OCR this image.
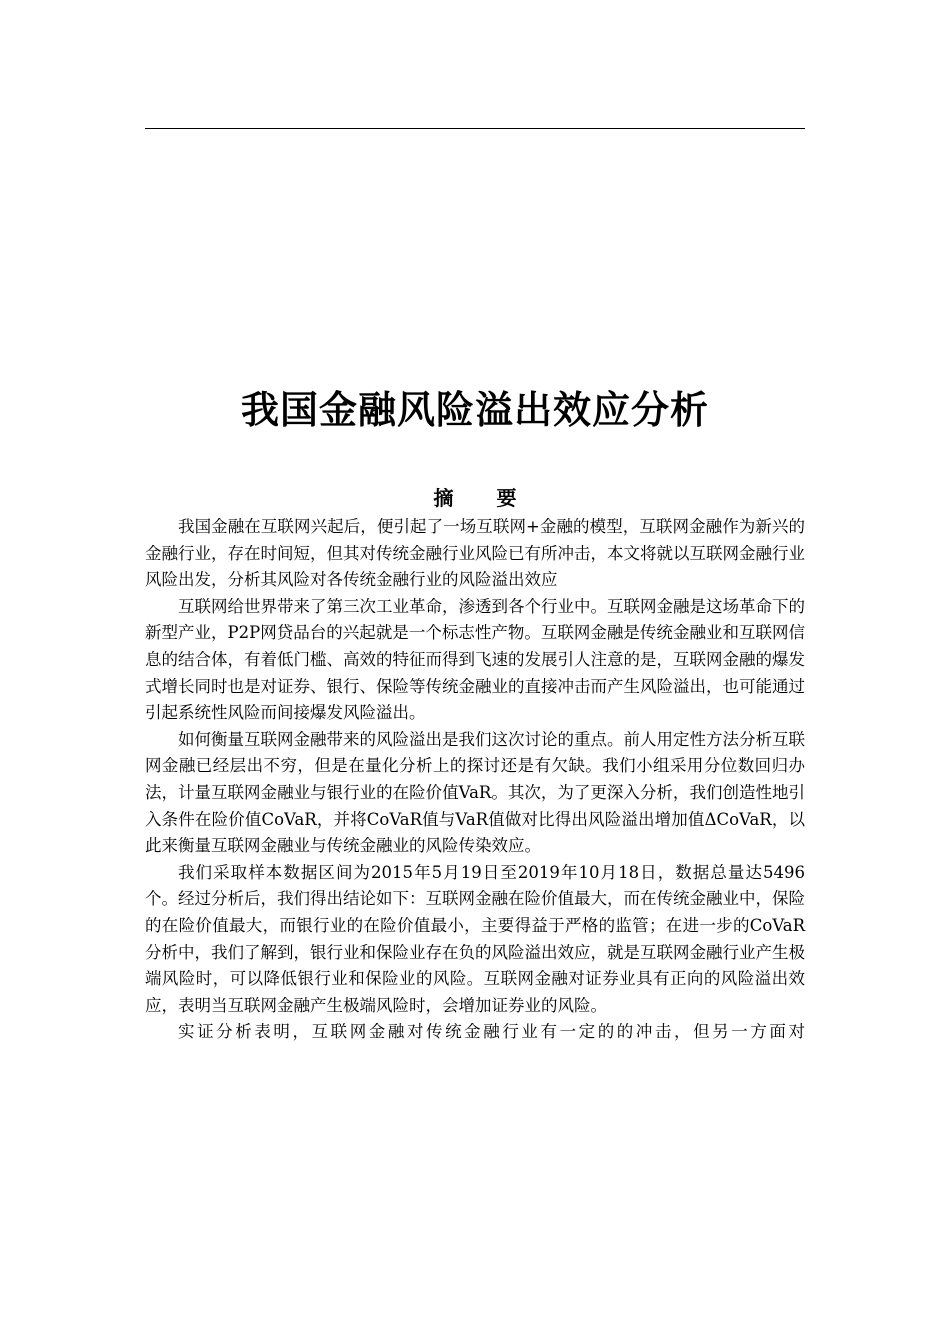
我国金融风险溢出效应分析
摘 要

我国金融在互联网兴起后，便引起了一场互联网+金融的模型，互联网金融作为新兴的金融行业，存在时间短，但其对传统金融行业风险已有所冲击，本文将就以互联网金融行业风险出发，分析其风险对各传统金融行业的风险溢出效应

互联网给世界带来了第三次工业革命，渗透到各个行业中。互联网金融是这场革命下的新型产业，P2P网贷品台的兴起就是一个标志性产物。互联网金融是传统金融业和互联网信息的结合体，有着低门槛、高效的特征而得到飞速的发展引人注意的是，互联网金融的爆发式增长同时也是对证券、银行、保险等传统金融业的直接冲击而产生风险溢出，也可能通过引起系统性风险而间接爆发风险溢出。

如何衡量互联网金融带来的风险溢出是我们这次讨论的重点。前人用定性方法分析互联网金融已经层出不穷，但是在量化分析上的探讨还是有欠缺。我们小组采用分位数回归办法，计量互联网金融业与银行业的在险价值VaR。其次，为了更深入分析，我们创造性地引入条件在险价值CoVaR，并将CoVaR值与VaR值做对比得出风险溢出增加值ΔCoVaR，以此来衡量互联网金融业与传统金融业的风险传染效应。

我们采取样本数据区间为2015年5月19日至2019年10月18日，数据总量达5496个。经过分析后，我们得出结论如下：互联网金融在险价值最大，而在传统金融业中，保险的在险价值最大，而银行业的在险价值最小，主要得益于严格的监管；在进一步的CoVaR分析中，我们了解到，银行业和保险业存在负的风险溢出效应，就是互联网金融行业产生极端风险时，可以降低银行业和保险业的风险。互联网金融对证券业具有正向的风险溢出效应，表明当互联网金融产生极端风险时，会增加证券业的风险。

实证分析表明，互联网金融对传统金融行业有一定的的冲击，但另一方面对
